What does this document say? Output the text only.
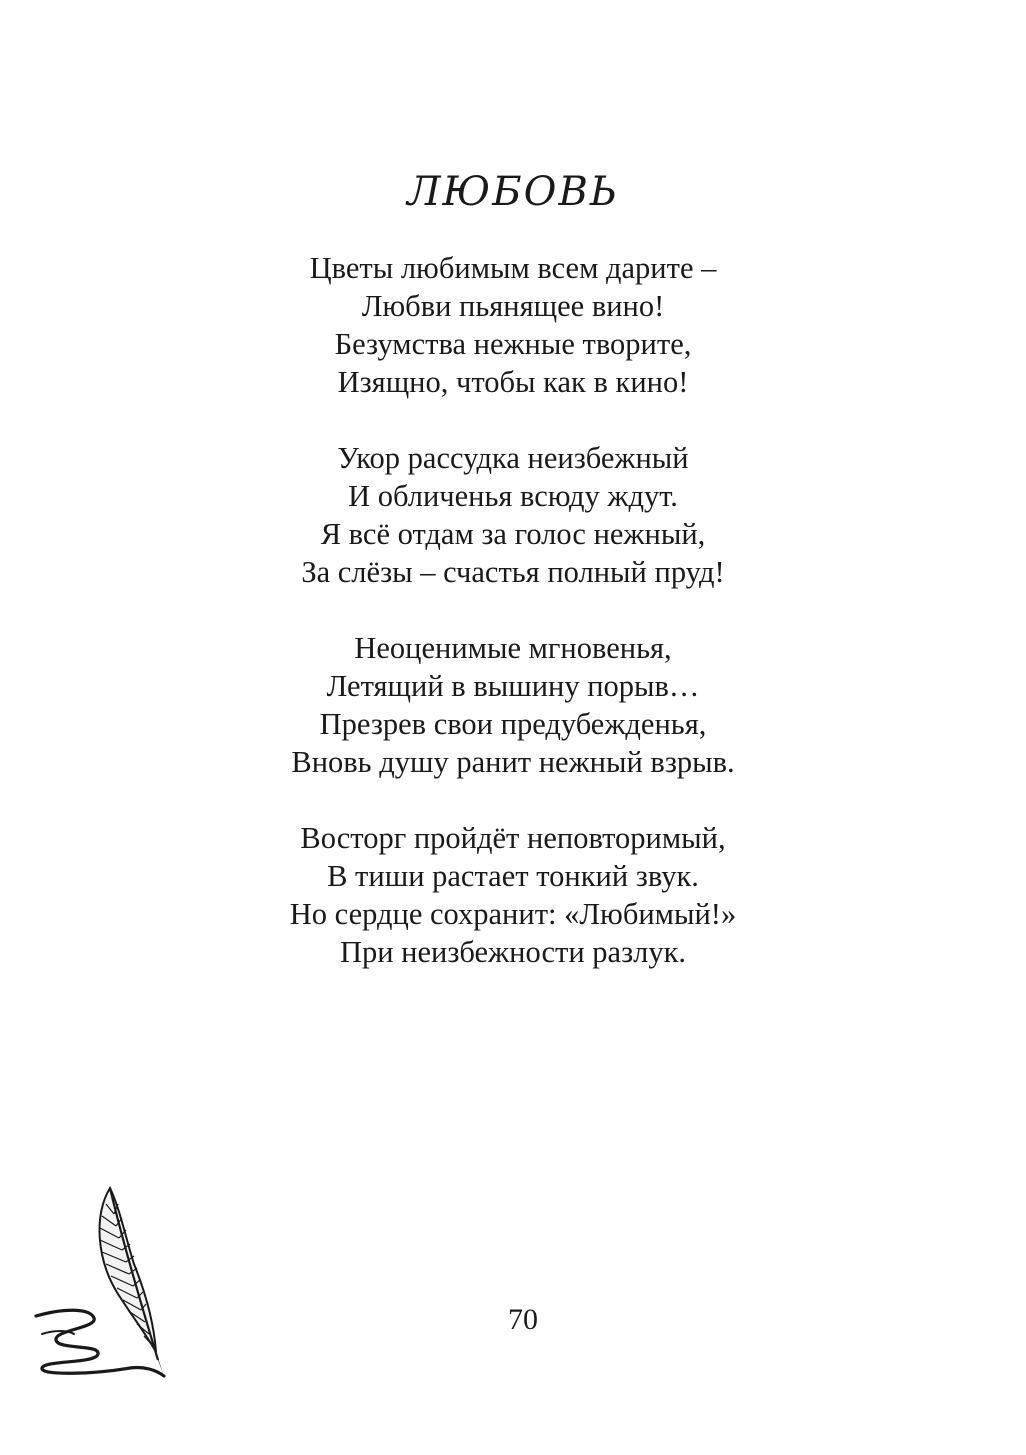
ЛЮБОВЬ
Цветы любимым всем дарите –
Любви пьянящее вино!
Безумства нежные творите,
Изящно, чтобы как в кино!
Укор рассудка неизбежный
И обличенья всюду ждут.
Я всё отдам за голос нежный,
За слёзы – счастья полный пруд!
Неоценимые мгновенья,
Летящий в вышину порыв…
Презрев свои предубежденья,
Вновь душу ранит нежный взрыв.
Восторг пройдёт неповторимый,
В тиши растает тонкий звук.
Но сердце сохранит: «Любимый!»
При неизбежности разлук.
70
